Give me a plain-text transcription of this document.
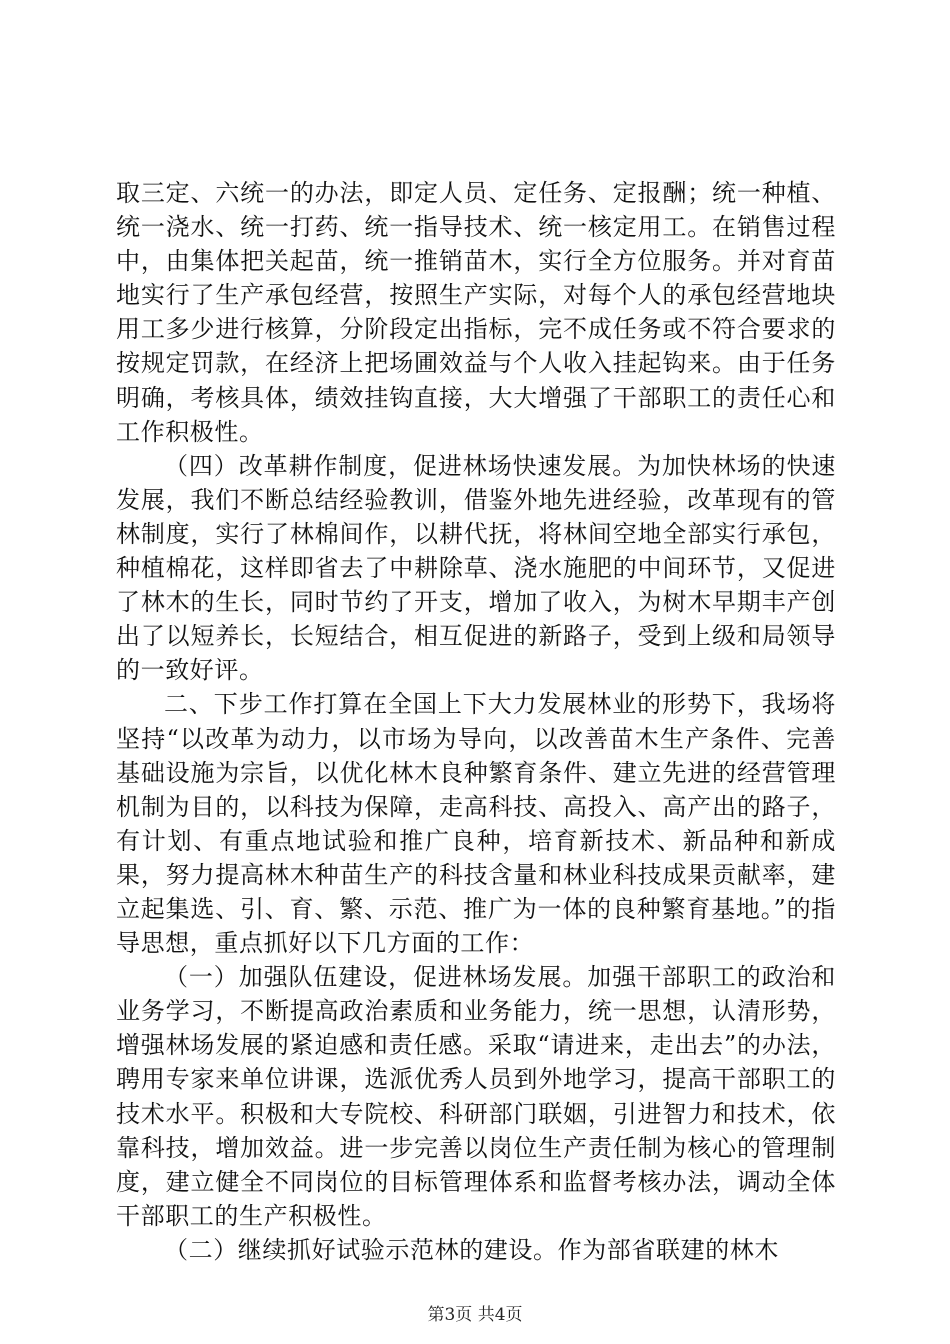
取三定、六统一的办法，即定人员、定任务、定报酬；统一种植、统一浇水、统一打药、统一指导技术、统一核定用工。在销售过程中，由集体把关起苗，统一推销苗木，实行全方位服务。并对育苗地实行了生产承包经营，按照生产实际，对每个人的承包经营地块用工多少进行核算，分阶段定出指标，完不成任务或不符合要求的按规定罚款，在经济上把场圃效益与个人收入挂起钩来。由于任务明确，考核具体，绩效挂钩直接，大大增强了干部职工的责任心和工作积极性。

（四）改革耕作制度，促进林场快速发展。为加快林场的快速发展，我们不断总结经验教训，借鉴外地先进经验，改革现有的管林制度，实行了林棉间作，以耕代抚，将林间空地全部实行承包，种植棉花，这样即省去了中耕除草、浇水施肥的中间环节，又促进了林木的生长，同时节约了开支，增加了收入，为树木早期丰产创出了以短养长，长短结合，相互促进的新路子，受到上级和局领导的一致好评。

二、下步工作打算在全国上下大力发展林业的形势下，我场将坚持“以改革为动力，以市场为导向，以改善苗木生产条件、完善基础设施为宗旨，以优化林木良种繁育条件、建立先进的经营管理机制为目的，以科技为保障，走高科技、高投入、高产出的路子，有计划、有重点地试验和推广良种，培育新技术、新品种和新成果，努力提高林木种苗生产的科技含量和林业科技成果贡献率，建立起集选、引、育、繁、示范、推广为一体的良种繁育基地。”的指导思想，重点抓好以下几方面的工作：

（一）加强队伍建设，促进林场发展。加强干部职工的政治和业务学习，不断提高政治素质和业务能力，统一思想，认清形势，增强林场发展的紧迫感和责任感。采取“请进来，走出去”的办法，聘用专家来单位讲课，选派优秀人员到外地学习，提高干部职工的技术水平。积极和大专院校、科研部门联姻，引进智力和技术，依靠科技，增加效益。进一步完善以岗位生产责任制为核心的管理制度，建立健全不同岗位的目标管理体系和监督考核办法，调动全体干部职工的生产积极性。

（二）继续抓好试验示范林的建设。作为部省联建的林木

第3页 共4页
